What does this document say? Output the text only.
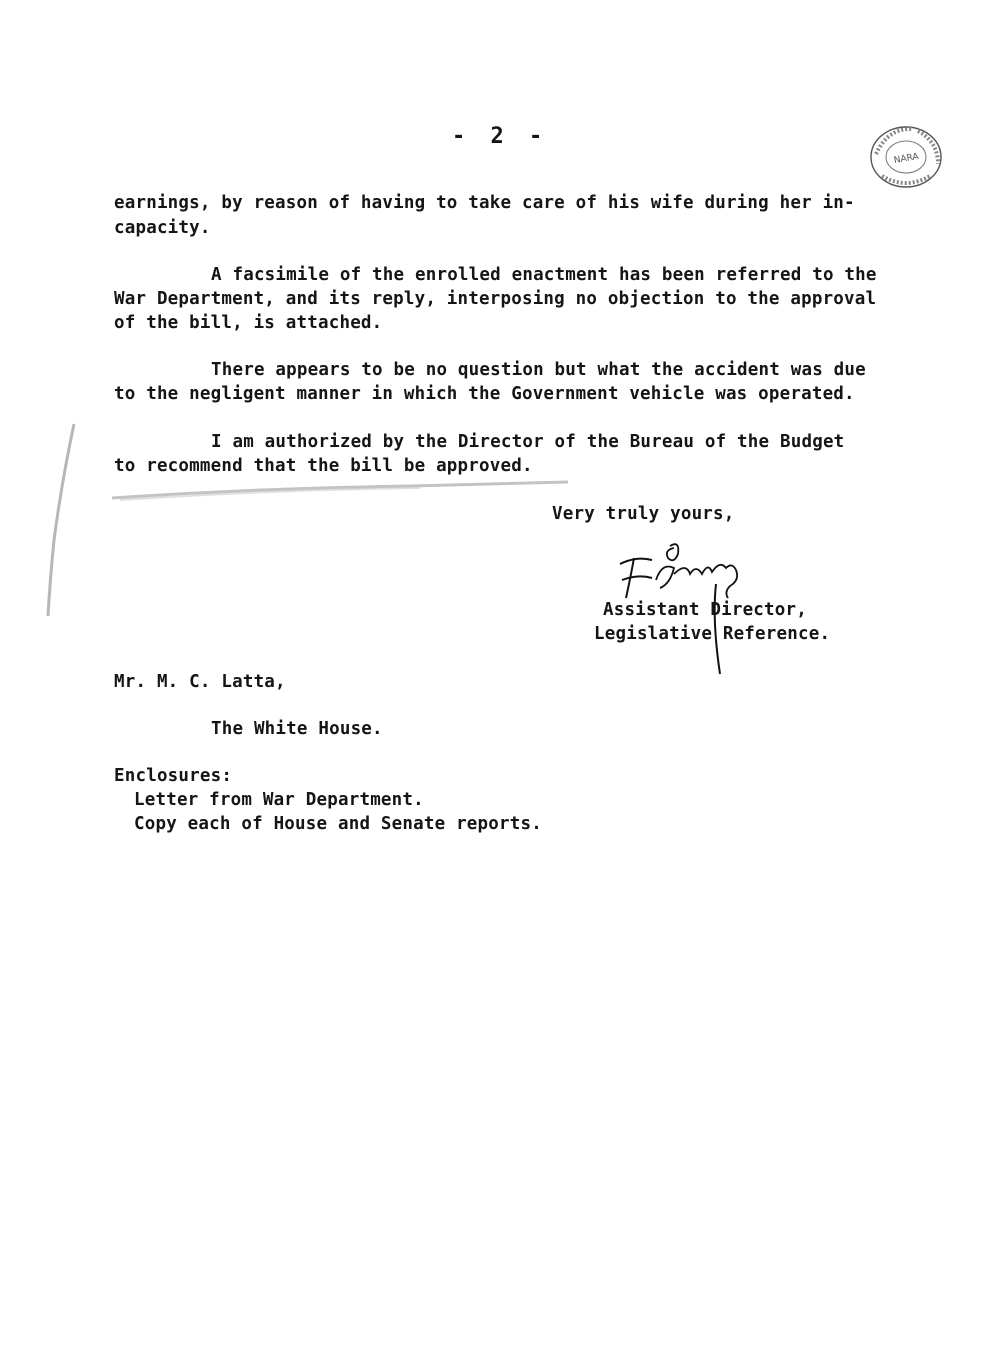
- 2 -
NARA
earnings, by reason of having to take care of his wife during her in-
capacity.
A facsimile of the enrolled enactment has been referred to the
War Department, and its reply, interposing no objection to the approval
of the bill, is attached.
There appears to be no question but what the accident was due
to the negligent manner in which the Government vehicle was operated.
I am authorized by the Director of the Bureau of the Budget
to recommend that the bill be approved.
Very truly yours,
Assistant Director,
Legislative Reference.
Mr. M. C. Latta,
The White House.
Enclosures:
Letter from War Department.
Copy each of House and Senate reports.
